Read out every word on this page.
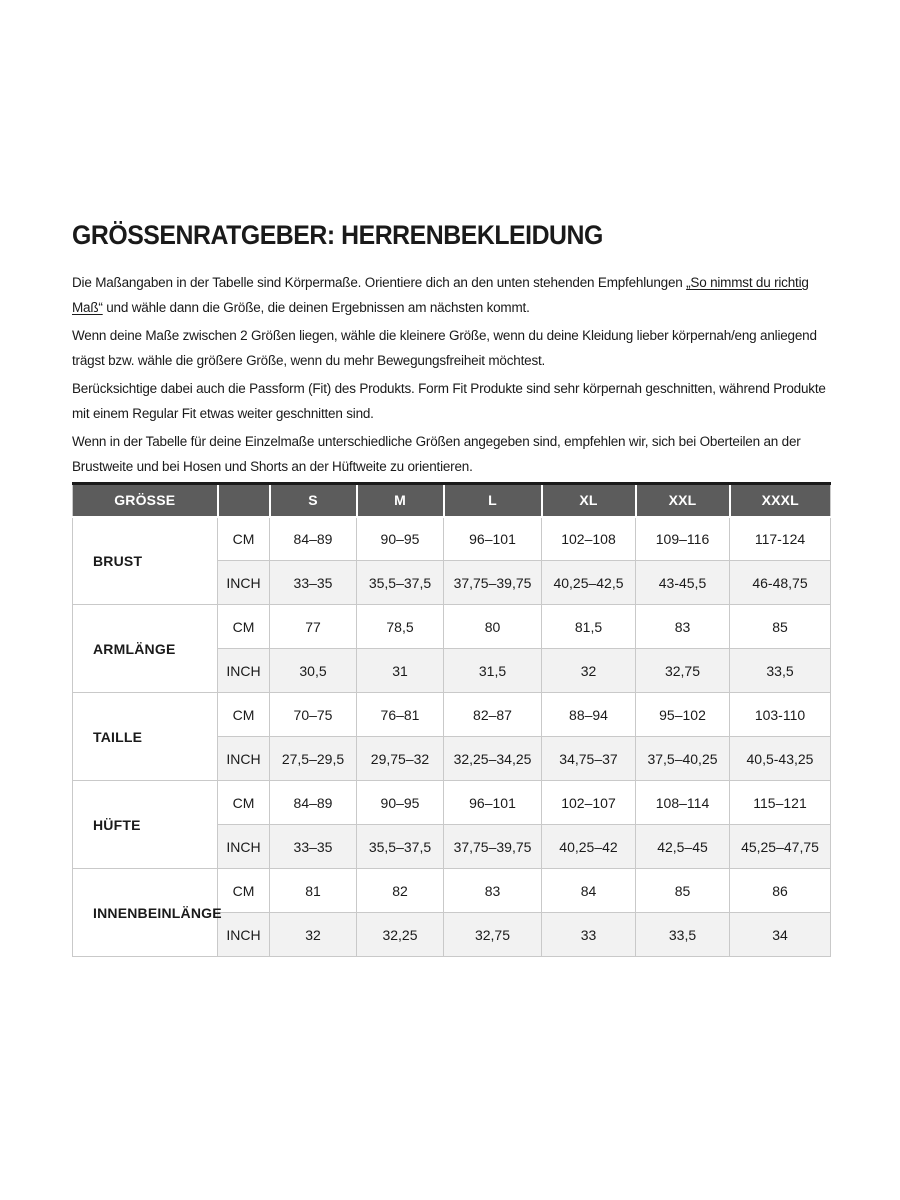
GRÖSSENRATGEBER: HERRENBEKLEIDUNG

Die Maßangaben in der Tabelle sind Körpermaße. Orientiere dich an den unten stehenden Empfehlungen „So nimmst du richtig Maß“ und wähle dann die Größe, die deinen Ergebnissen am nächsten kommt.

Wenn deine Maße zwischen 2 Größen liegen, wähle die kleinere Größe, wenn du deine Kleidung lieber körpernah/eng anliegend trägst bzw. wähle die größere Größe, wenn du mehr Bewegungsfreiheit möchtest.

Berücksichtige dabei auch die Passform (Fit) des Produkts. Form Fit Produkte sind sehr körpernah geschnitten, während Produkte mit einem Regular Fit etwas weiter geschnitten sind.

Wenn in der Tabelle für deine Einzelmaße unterschiedliche Größen angegeben sind, empfehlen wir, sich bei Oberteilen an der Brustweite und bei Hosen und Shorts an der Hüftweite zu orientieren.

GRÖSSE		S	M	L	XL	XXL	XXXL
BRUST	CM	84–89	90–95	96–101	102–108	109–116	117-124
	INCH	33–35	35,5–37,5	37,75–39,75	40,25–42,5	43-45,5	46-48,75
ARMLÄNGE	CM	77	78,5	80	81,5	83	85
	INCH	30,5	31	31,5	32	32,75	33,5
TAILLE	CM	70–75	76–81	82–87	88–94	95–102	103-110
	INCH	27,5–29,5	29,75–32	32,25–34,25	34,75–37	37,5–40,25	40,5-43,25
HÜFTE	CM	84–89	90–95	96–101	102–107	108–114	115–121
	INCH	33–35	35,5–37,5	37,75–39,75	40,25–42	42,5–45	45,25–47,75
INNENBEINLÄNGE	CM	81	82	83	84	85	86
	INCH	32	32,25	32,75	33	33,5	34
